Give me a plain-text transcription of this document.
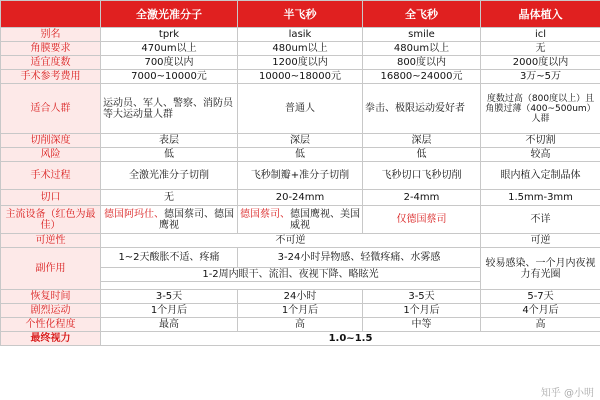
	全激光准分子	半飞秒	全飞秒	晶体植入
别名	tprk	lasik	smile	icl
角膜要求	470um以上	480um以上	480um以上	无
适宜度数	700度以内	1200度以内	800度以内	2000度以内
手术参考费用	7000~10000元	10000~18000元	16800~24000元	3万~5万
适合人群	运动员、军人、警察、消防员等大运动量人群	普通人	拳击、极限运动爱好者	度数过高（800度以上）且角膜过薄（400~500um）人群
切削深度	表层	深层	深层	不切割
风险	低	低	低	较高
手术过程	全激光准分子切削	飞秒制瓣+准分子切削	飞秒切口飞秒切削	眼内植入定制晶体
切口	无	20-24mm	2-4mm	1.5mm-3mm
主流设备（红色为最佳）	德国阿玛仕、德国蔡司、德国鹰视	德国蔡司、德国鹰视、美国威视	仅德国蔡司	不详
可逆性	不可逆			可逆
副作用	1~2天酸胀不适、疼痛	3-24小时异物感、轻微疼痛、水雾感		较易感染、一个月内夜视力有光圈
	1-2周内眼干、流泪、夜视下降、略眩光			

恢复时间	3-5天	24小时	3-5天	5-7天
剧烈运动	1个月后	1个月后	1个月后	4个月后
个性化程度	最高	高	中等	高
最终视力	1.0~1.5			
知乎 @小明
